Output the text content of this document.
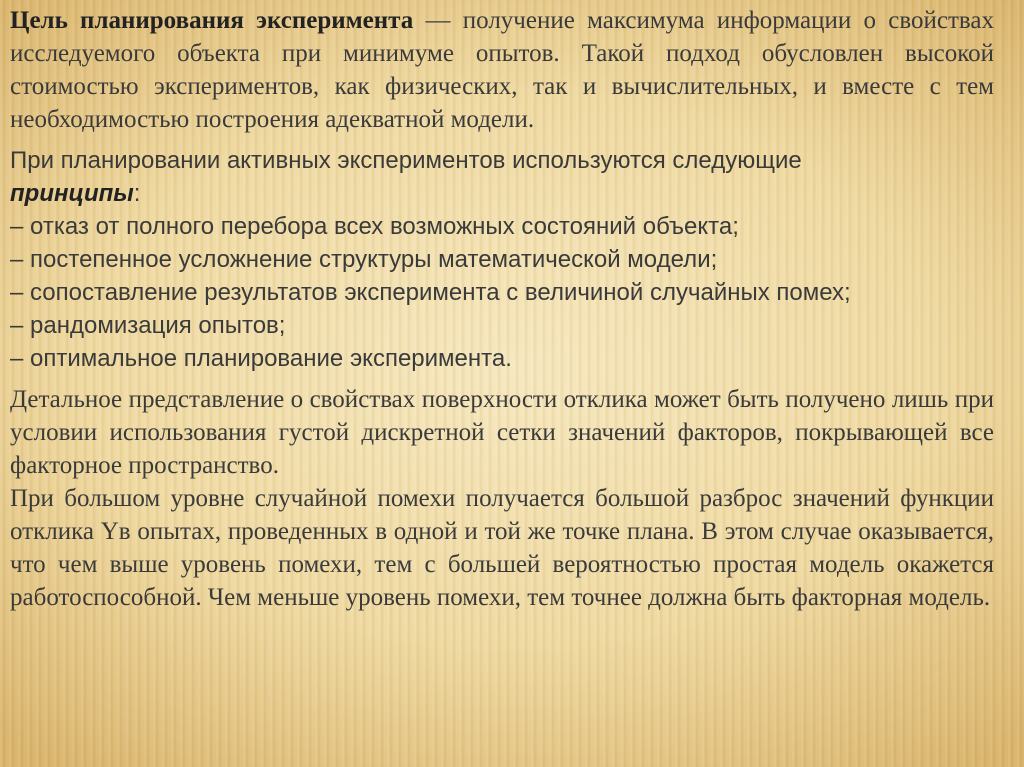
Цель планирования эксперимента — получение максимума информации о свойствах исследуемого объекта при минимуме опытов. Такой подход обусловлен высокой стоимостью экспериментов, как физических, так и вычислительных, и вместе с тем необходимостью построения адекватной модели.

При планировании активных экспериментов используются следующие
принципы:
– отказ от полного перебора всех возможных состояний объекта;
– постепенное усложнение структуры математической модели;
– сопоставление результатов эксперимента с величиной случайных помех;
– рандомизация опытов;
– оптимальное планирование эксперимента.

Детальное представление о свойствах поверхности отклика может быть получено лишь при условии использования густой дискретной сетки значений факторов, покрывающей все факторное пространство.

При большом уровне случайной помехи получается большой разброс значений функции отклика Yв опытах, проведенных в одной и той же точке плана. В этом случае оказывается, что чем выше уровень помехи, тем с большей вероятностью простая модель окажется работоспособной. Чем меньше уровень помехи, тем точнее должна быть факторная модель.
